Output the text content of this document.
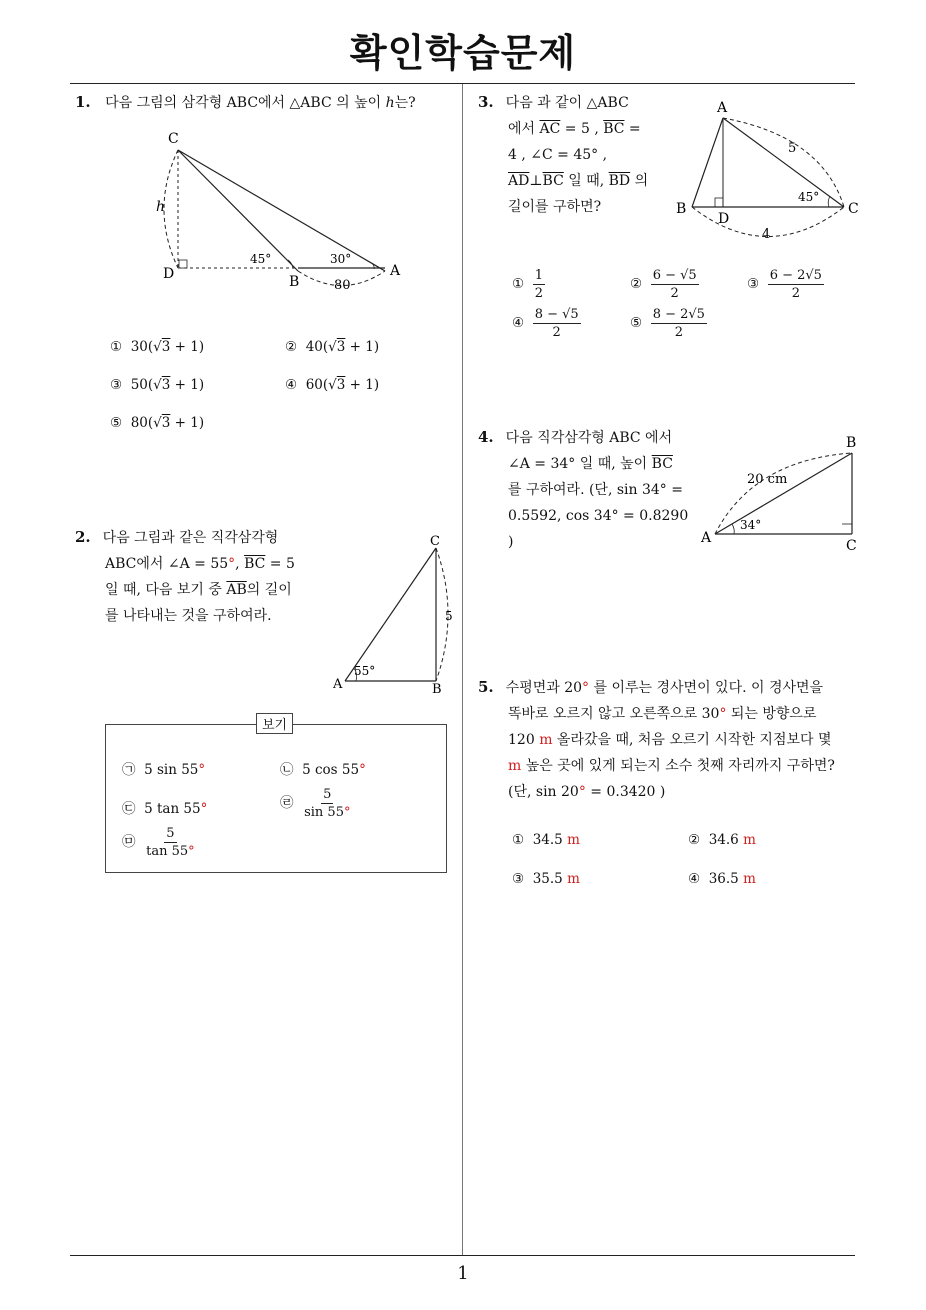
확인학습문제
1
1. 다음 그림의 삼각형 ABC에서 △ABC 의 높이 h는?
C
D	B
A
h
45°	30°
80
① 30(√3 + 1)	② 40(√3 + 1)
③ 50(√3 + 1)	④ 60(√3 + 1)
⑤ 80(√3 + 1)
2. 다음 그림과 같은 직각삼각형
ABC에서 ∠A = 55°, $\overline{BC} = 5$
일 때, 다음 보기 중 $\overline{AB}$의 길이
를 나타내는 것을 구하여라.
C
A	B
55°
5
보기
㉠ 5 sin 55°	㉡ 5 cos 55°
㉢ 5 tan 55°	㉣ $\frac{5}{\sin 55^\circ}$
㉤ $\frac{5}{\tan 55^\circ}$
3. 다음 과 같이 △ABC
에서 $\overline{AC} = 5$ , $\overline{BC}$ =
4 , ∠C = 45° ,
$\overline{AD}\perp\overline{BC}$ 일 때, $\overline{BD}$ 의
길이를 구하면?
A
B	C
D
5
45°
4
① $\frac{1}{2}$	② $\frac{6 - √5}{2}$	③ $\frac{6 - 2√5}{2}$
④ $\frac{8 - √5}{2}$	⑤ $\frac{8 - 2√5}{2}$
4. 다음 직각삼각형 ABC 에서
∠A = 34° 일 때, 높이 $\overline{BC}$
를 구하여라. (단, sin 34° =
0.5592, cos 34° = 0.8290
)
B
A	C
20 cm
34°
5. 수평면과 20° 를 이루는 경사면이 있다. 이 경사면을
똑바로 오르지 않고 오른쪽으로 30° 되는 방향으로
120 m 올라갔을 때, 처음 오르기 시작한 지점보다 몇
m 높은 곳에 있게 되는지 소수 첫째 자리까지 구하면?
(단, sin 20° = 0.3420 )
① 34.5 m	② 34.6 m
③ 35.5 m	④ 36.5 m
